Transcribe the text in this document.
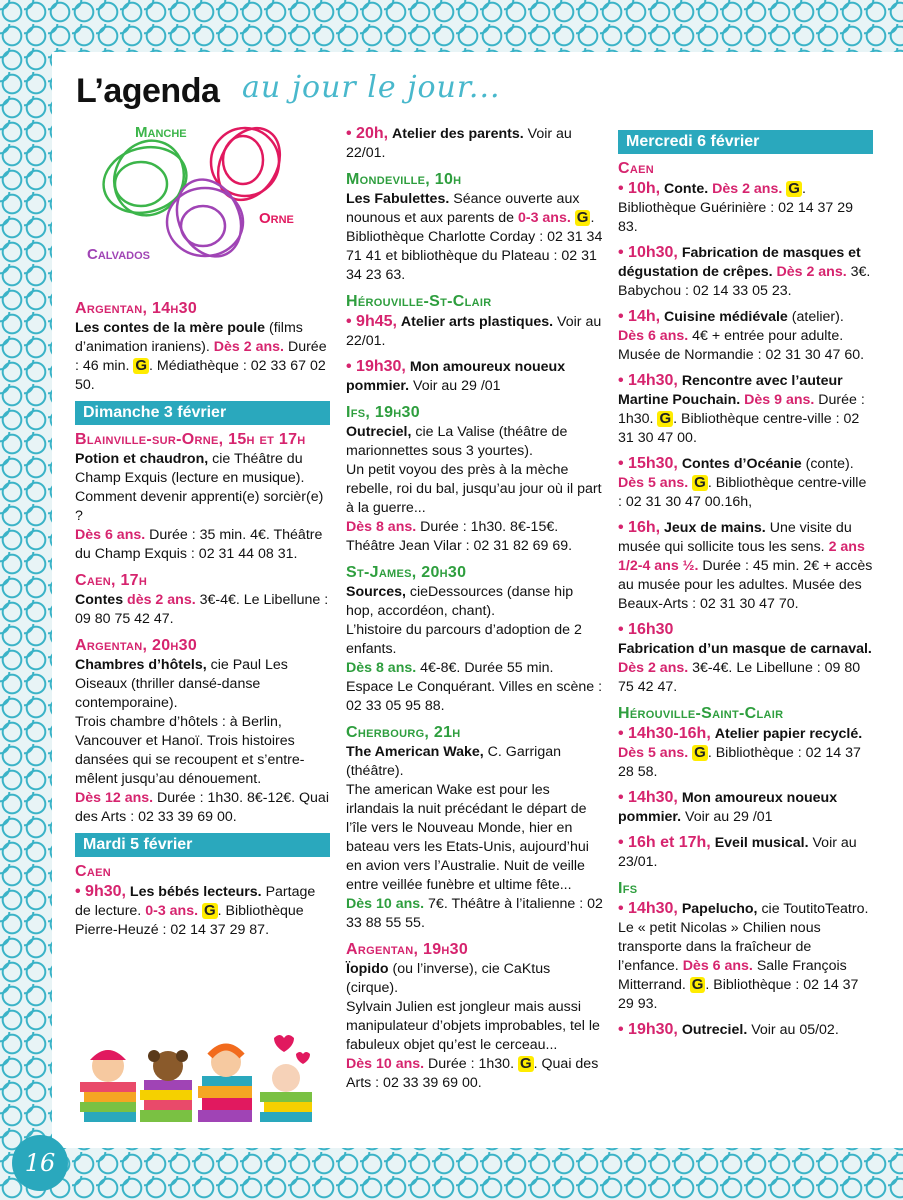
L’agenda au jour le jour...
Manche
Orne
Calvados
Argentan, 14h30
Les contes de la mère poule (films d’animation iraniens). Dès 2 ans. Durée : 46 min. G . Médiathèque : 02 33 67 02 50.
Dimanche 3 février
Blainville-sur-Orne, 15h et 17h
Potion et chaudron, cie Théâtre du Champ Exquis (lecture en musique). Comment devenir apprenti(e) sorcièr(e) ?
Dès 6 ans. Durée : 35 min. 4€. Théâtre du Champ Exquis : 02 31 44 08 31.
Caen, 17h
Contes dès 2 ans. 3€-4€. Le Libellune : 09 80 75 42 47.
Argentan, 20h30
Chambres d’hôtels, cie Paul Les Oiseaux (thriller dansé-danse contemporaine).
Trois chambre d’hôtels : à Berlin, Vancouver et Hanoï. Trois histoires dansées qui se recoupent et s’entremêlent jusqu’au dénouement.
Dès 12 ans. Durée : 1h30. 8€-12€. Quai des Arts : 02 33 39 69 00.
Mardi 5 février
Caen
• 9h30, Les bébés lecteurs. Partage de lecture. 0-3 ans. G . Bibliothèque Pierre-Heuzé : 02 14 37 29 87.
• 20h, Atelier des parents. Voir au 22/01.
Mondeville, 10h
Les Fabulettes. Séance ouverte aux nounous et aux parents de 0-3 ans. G . Bibliothèque Charlotte Corday : 02 31 34 71 41 et bibliothèque du Plateau : 02 31 34 23 63.
Hérouville-St-Clair
• 9h45, Atelier arts plastiques. Voir au 22/01.
• 19h30, Mon amoureux noueux pommier. Voir au 29 /01
Ifs, 19h30
Outreciel, cie La Valise (théâtre de marionnettes sous 3 yourtes).
Un petit voyou des près à la mèche rebelle, roi du bal, jusqu’au jour où il part à la guerre...
Dès 8 ans. Durée : 1h30. 8€-15€. Théâtre Jean Vilar : 02 31 82 69 69.
St-James, 20h30
Sources, cieDessources (danse hip hop, accordéon, chant).
L’histoire du parcours d’adoption de 2 enfants.
Dès 8 ans. 4€-8€. Durée 55 min. Espace Le Conquérant. Villes en scène : 02 33 05 95 88.
Cherbourg, 21h
The American Wake, C. Garrigan (théâtre).
The american Wake est pour les irlandais la nuit précédant le départ de l’île vers le Nouveau Monde, hier en bateau vers les Etats-Unis, aujourd’hui en avion vers l’Australie. Nuit de veille entre veillée funèbre et ultime fête...
Dès 10 ans. 7€. Théâtre à l’italienne : 02 33 88 55 55.
Argentan, 19h30
Ïopido (ou l’inverse), cie CaKtus (cirque).
Sylvain Julien est jongleur mais aussi manipulateur d’objets improbables, tel le fabuleux objet qu’est le cerceau...
Dès 10 ans. Durée : 1h30. G . Quai des Arts : 02 33 39 69 00.
Mercredi 6 février
Caen
• 10h, Conte. Dès 2 ans. G . Bibliothèque Guérinière : 02 14 37 29 83.
• 10h30, Fabrication de masques et dégustation de crêpes. Dès 2 ans. 3€. Babychou : 02 14 33 05 23.
• 14h, Cuisine médiévale (atelier). Dès 6 ans. 4€ + entrée pour adulte. Musée de Normandie : 02 31 30 47 60.
• 14h30, Rencontre avec l’auteur Martine Pouchain. Dès 9 ans. Durée : 1h30. G . Bibliothèque centre-ville : 02 31 30 47 00.
• 15h30, Contes d’Océanie (conte). Dès 5 ans. G . Bibliothèque centre-ville : 02 31 30 47 00.16h,
• 16h, Jeux de mains. Une visite du musée qui sollicite tous les sens. 2 ans 1/2-4 ans ½. Durée : 45 min. 2€ + accès au musée pour les adultes. Musée des Beaux-Arts : 02 31 30 47 70.
• 16h30
Fabrication d’un masque de carnaval. Dès 2 ans. 3€-4€. Le Libellune : 09 80 75 42 47.
Hérouville-Saint-Clair
• 14h30-16h, Atelier papier recyclé. Dès 5 ans. G . Bibliothèque : 02 14 37 28 58.
• 14h30, Mon amoureux noueux pommier. Voir au 29 /01
• 16h et 17h, Eveil musical. Voir au 23/01.
Ifs
• 14h30, Papelucho, cie ToutitoTeatro. Le « petit Nicolas » Chilien nous transporte dans la fraîcheur de l’enfance. Dès 6 ans. Salle François Mitterrand. G . Bibliothèque : 02 14 37 29 93.
• 19h30, Outreciel. Voir au 05/02.
16
